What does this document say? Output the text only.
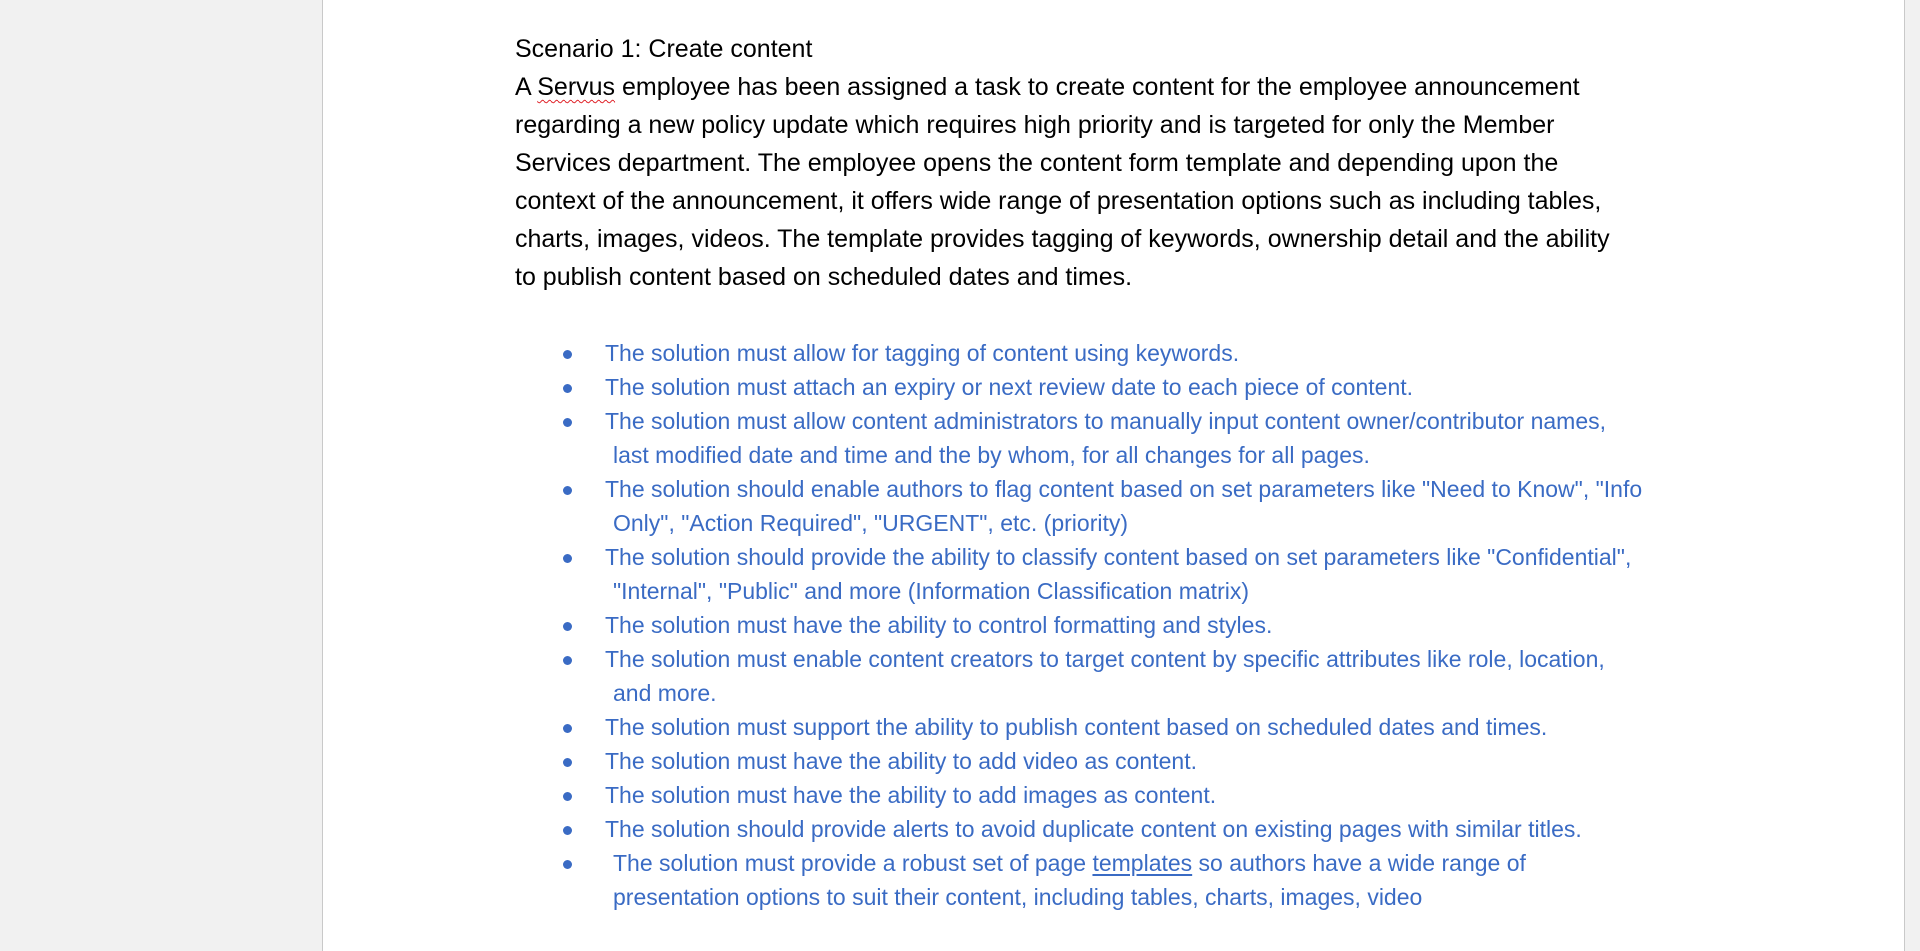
Scenario 1: Create content

A Servus employee has been assigned a task to create content for the employee announcement
regarding a new policy update which requires high priority and is targeted for only the Member
Services department. The employee opens the content form template and depending upon the
context of the announcement, it offers wide range of presentation options such as including tables,
charts, images, videos. The template provides tagging of keywords, ownership detail and the ability
to publish content based on scheduled dates and times.

The solution must allow for tagging of content using keywords.
The solution must attach an expiry or next review date to each piece of content.
The solution must allow content administrators to manually input content owner/contributor names,
last modified date and time and the by whom, for all changes for all pages.
The solution should enable authors to flag content based on set parameters like "Need to Know", "Info
Only", "Action Required", "URGENT", etc. (priority)
The solution should provide the ability to classify content based on set parameters like "Confidential",
"Internal", "Public" and more (Information Classification matrix)
The solution must have the ability to control formatting and styles.
The solution must enable content creators to target content by specific attributes like role, location,
and more.
The solution must support the ability to publish content based on scheduled dates and times.
The solution must have the ability to add video as content.
The solution must have the ability to add images as content.
The solution should provide alerts to avoid duplicate content on existing pages with similar titles.
The solution must provide a robust set of page templates so authors have a wide range of
presentation options to suit their content, including tables, charts, images, video
